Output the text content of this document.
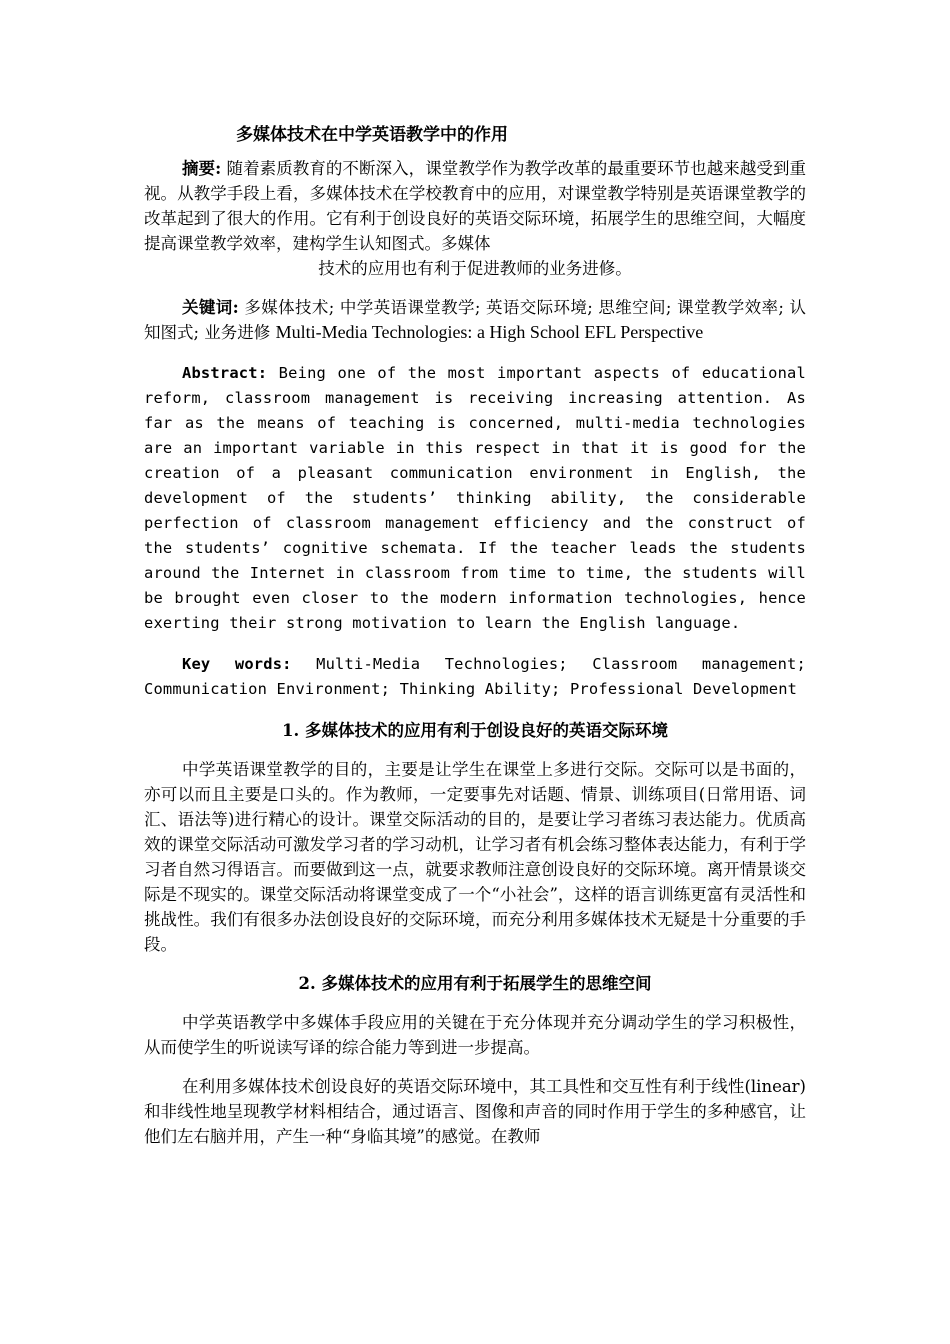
多媒体技术在中学英语教学中的作用

摘要: 随着素质教育的不断深入，课堂教学作为教学改革的最重要环节也越来越受到重视。从教学手段上看，多媒体技术在学校教育中的应用，对课堂教学特别是英语课堂教学的改革起到了很大的作用。它有利于创设良好的英语交际环境，拓展学生的思维空间，大幅度提高课堂教学效率，建构学生认知图式。多媒体
技术的应用也有利于促进教师的业务进修。

关键词: 多媒体技术; 中学英语课堂教学; 英语交际环境; 思维空间; 课堂教学效率; 认知图式; 业务进修 Multi-Media Technologies: a High School EFL Perspective

Abstract: Being one of the most important aspects of educational reform, classroom management is receiving increasing attention. As far as the means of teaching is concerned, multi-media technologies are an important variable in this respect in that it is good for the creation of a pleasant communication environment in English, the development of the students’ thinking ability, the considerable perfection of classroom management efficiency and the construct of the students’ cognitive schemata. If the teacher leads the students around the Internet in classroom from time to time, the students will be brought even closer to the modern information technologies, hence exerting their strong motivation to learn the English language.

Key words: Multi-Media Technologies; Classroom management; Communication Environment; Thinking Ability; Professional Development

1. 多媒体技术的应用有利于创设良好的英语交际环境

中学英语课堂教学的目的，主要是让学生在课堂上多进行交际。交际可以是书面的，亦可以而且主要是口头的。作为教师，一定要事先对话题、情景、训练项目(日常用语、词汇、语法等)进行精心的设计。课堂交际活动的目的，是要让学习者练习表达能力。优质高效的课堂交际活动可激发学习者的学习动机，让学习者有机会练习整体表达能力，有利于学习者自然习得语言。而要做到这一点，就要求教师注意创设良好的交际环境。离开情景谈交际是不现实的。课堂交际活动将课堂变成了一个“小社会”，这样的语言训练更富有灵活性和挑战性。我们有很多办法创设良好的交际环境，而充分利用多媒体技术无疑是十分重要的手段。

2. 多媒体技术的应用有利于拓展学生的思维空间

中学英语教学中多媒体手段应用的关键在于充分体现并充分调动学生的学习积极性，从而使学生的听说读写译的综合能力等到进一步提高。

在利用多媒体技术创设良好的英语交际环境中，其工具性和交互性有利于线性(linear)和非线性地呈现教学材料相结合，通过语言、图像和声音的同时作用于学生的多种感官，让他们左右脑并用，产生一种“身临其境”的感觉。在教师
